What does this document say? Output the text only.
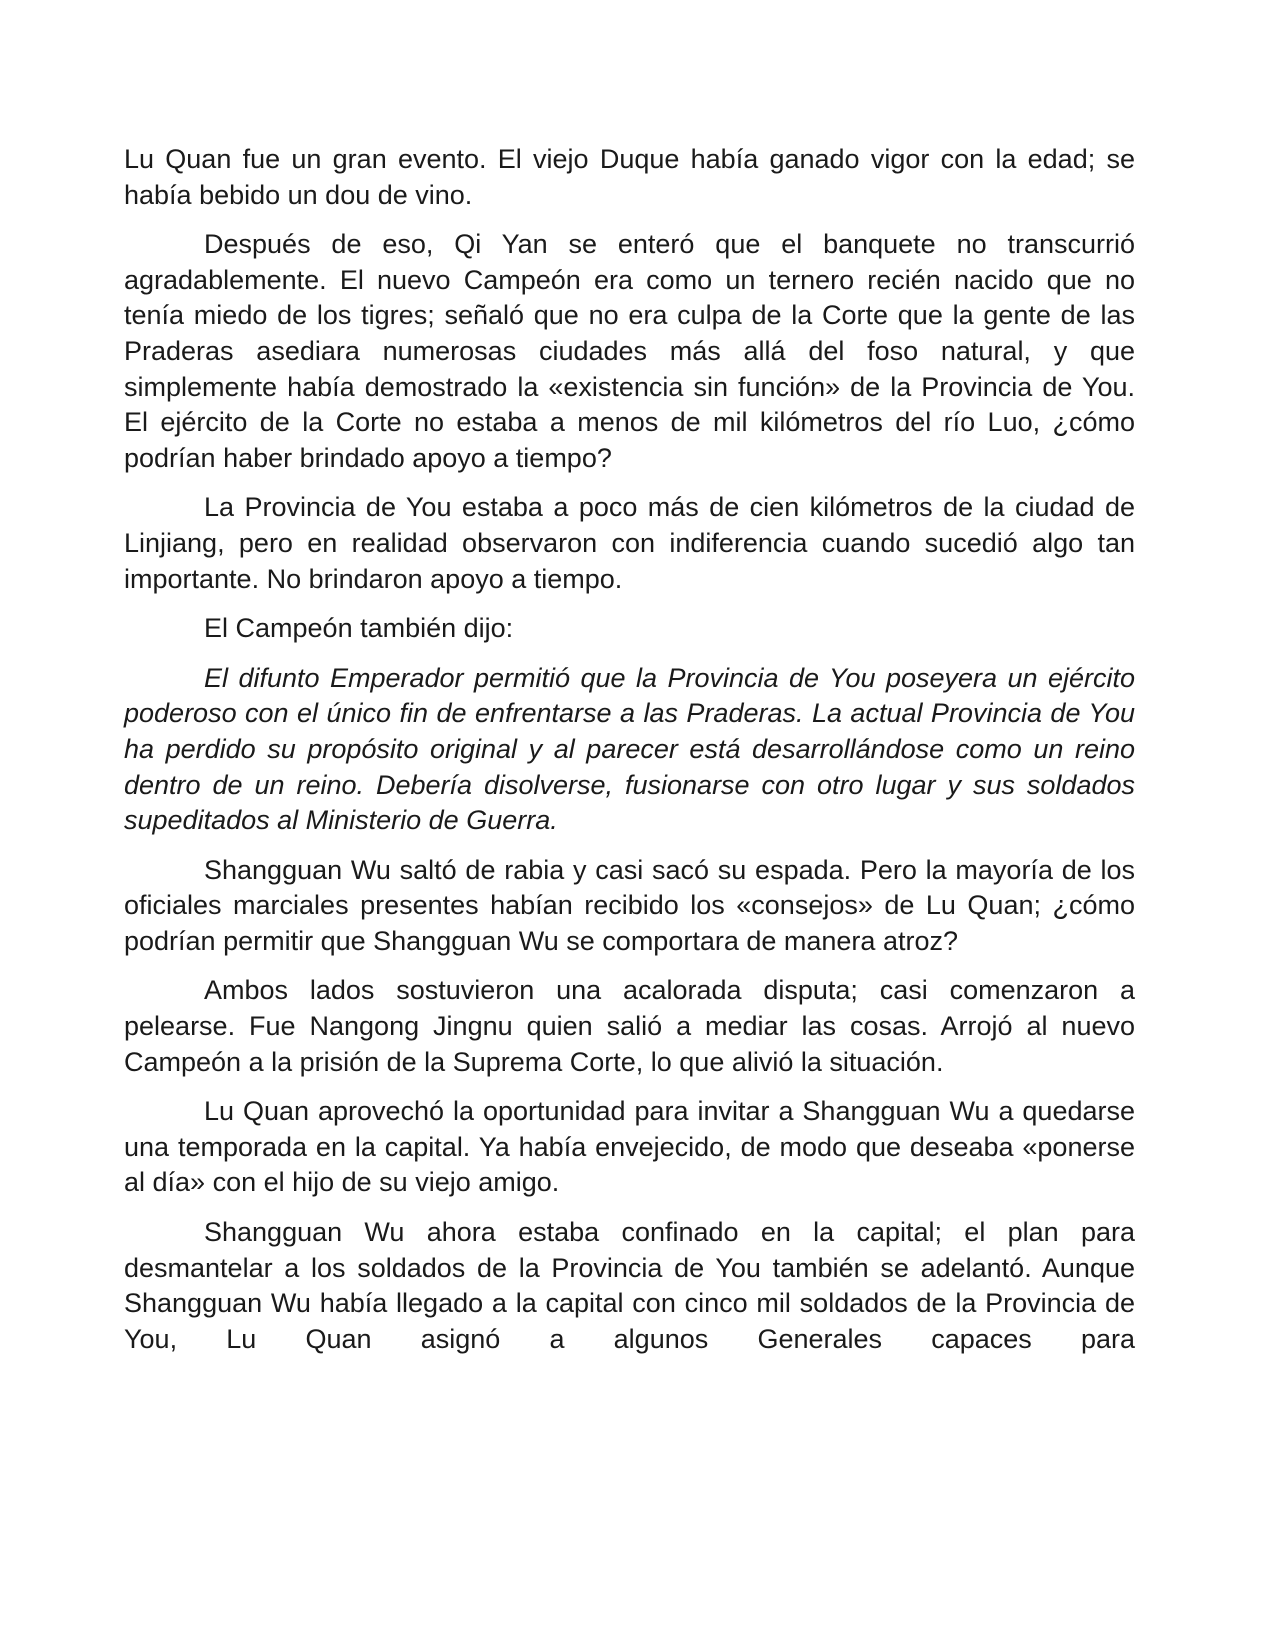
Lu Quan fue un gran evento. El viejo Duque había ganado vigor con la edad; se había bebido un dou de vino.

Después de eso, Qi Yan se enteró que el banquete no transcurrió agradablemente. El nuevo Campeón era como un ternero recién nacido que no tenía miedo de los tigres; señaló que no era culpa de la Corte que la gente de las Praderas asediara numerosas ciudades más allá del foso natural, y que simplemente había demostrado la «existencia sin función» de la Provincia de You. El ejército de la Corte no estaba a menos de mil kilómetros del río Luo, ¿cómo podrían haber brindado apoyo a tiempo?

La Provincia de You estaba a poco más de cien kilómetros de la ciudad de Linjiang, pero en realidad observaron con indiferencia cuando sucedió algo tan importante. No brindaron apoyo a tiempo.

El Campeón también dijo:

El difunto Emperador permitió que la Provincia de You poseyera un ejército poderoso con el único fin de enfrentarse a las Praderas. La actual Provincia de You ha perdido su propósito original y al parecer está desarrollándose como un reino dentro de un reino. Debería disolverse, fusionarse con otro lugar y sus soldados supeditados al Ministerio de Guerra.

Shangguan Wu saltó de rabia y casi sacó su espada. Pero la mayoría de los oficiales marciales presentes habían recibido los «consejos» de Lu Quan; ¿cómo podrían permitir que Shangguan Wu se comportara de manera atroz?

Ambos lados sostuvieron una acalorada disputa; casi comenzaron a pelearse. Fue Nangong Jingnu quien salió a mediar las cosas. Arrojó al nuevo Campeón a la prisión de la Suprema Corte, lo que alivió la situación.

Lu Quan aprovechó la oportunidad para invitar a Shangguan Wu a quedarse una temporada en la capital. Ya había envejecido, de modo que deseaba «ponerse al día» con el hijo de su viejo amigo.

Shangguan Wu ahora estaba confinado en la capital; el plan para desmantelar a los soldados de la Provincia de You también se adelantó. Aunque Shangguan Wu había llegado a la capital con cinco mil soldados de la Provincia de You, Lu Quan asignó a algunos Generales capaces para
